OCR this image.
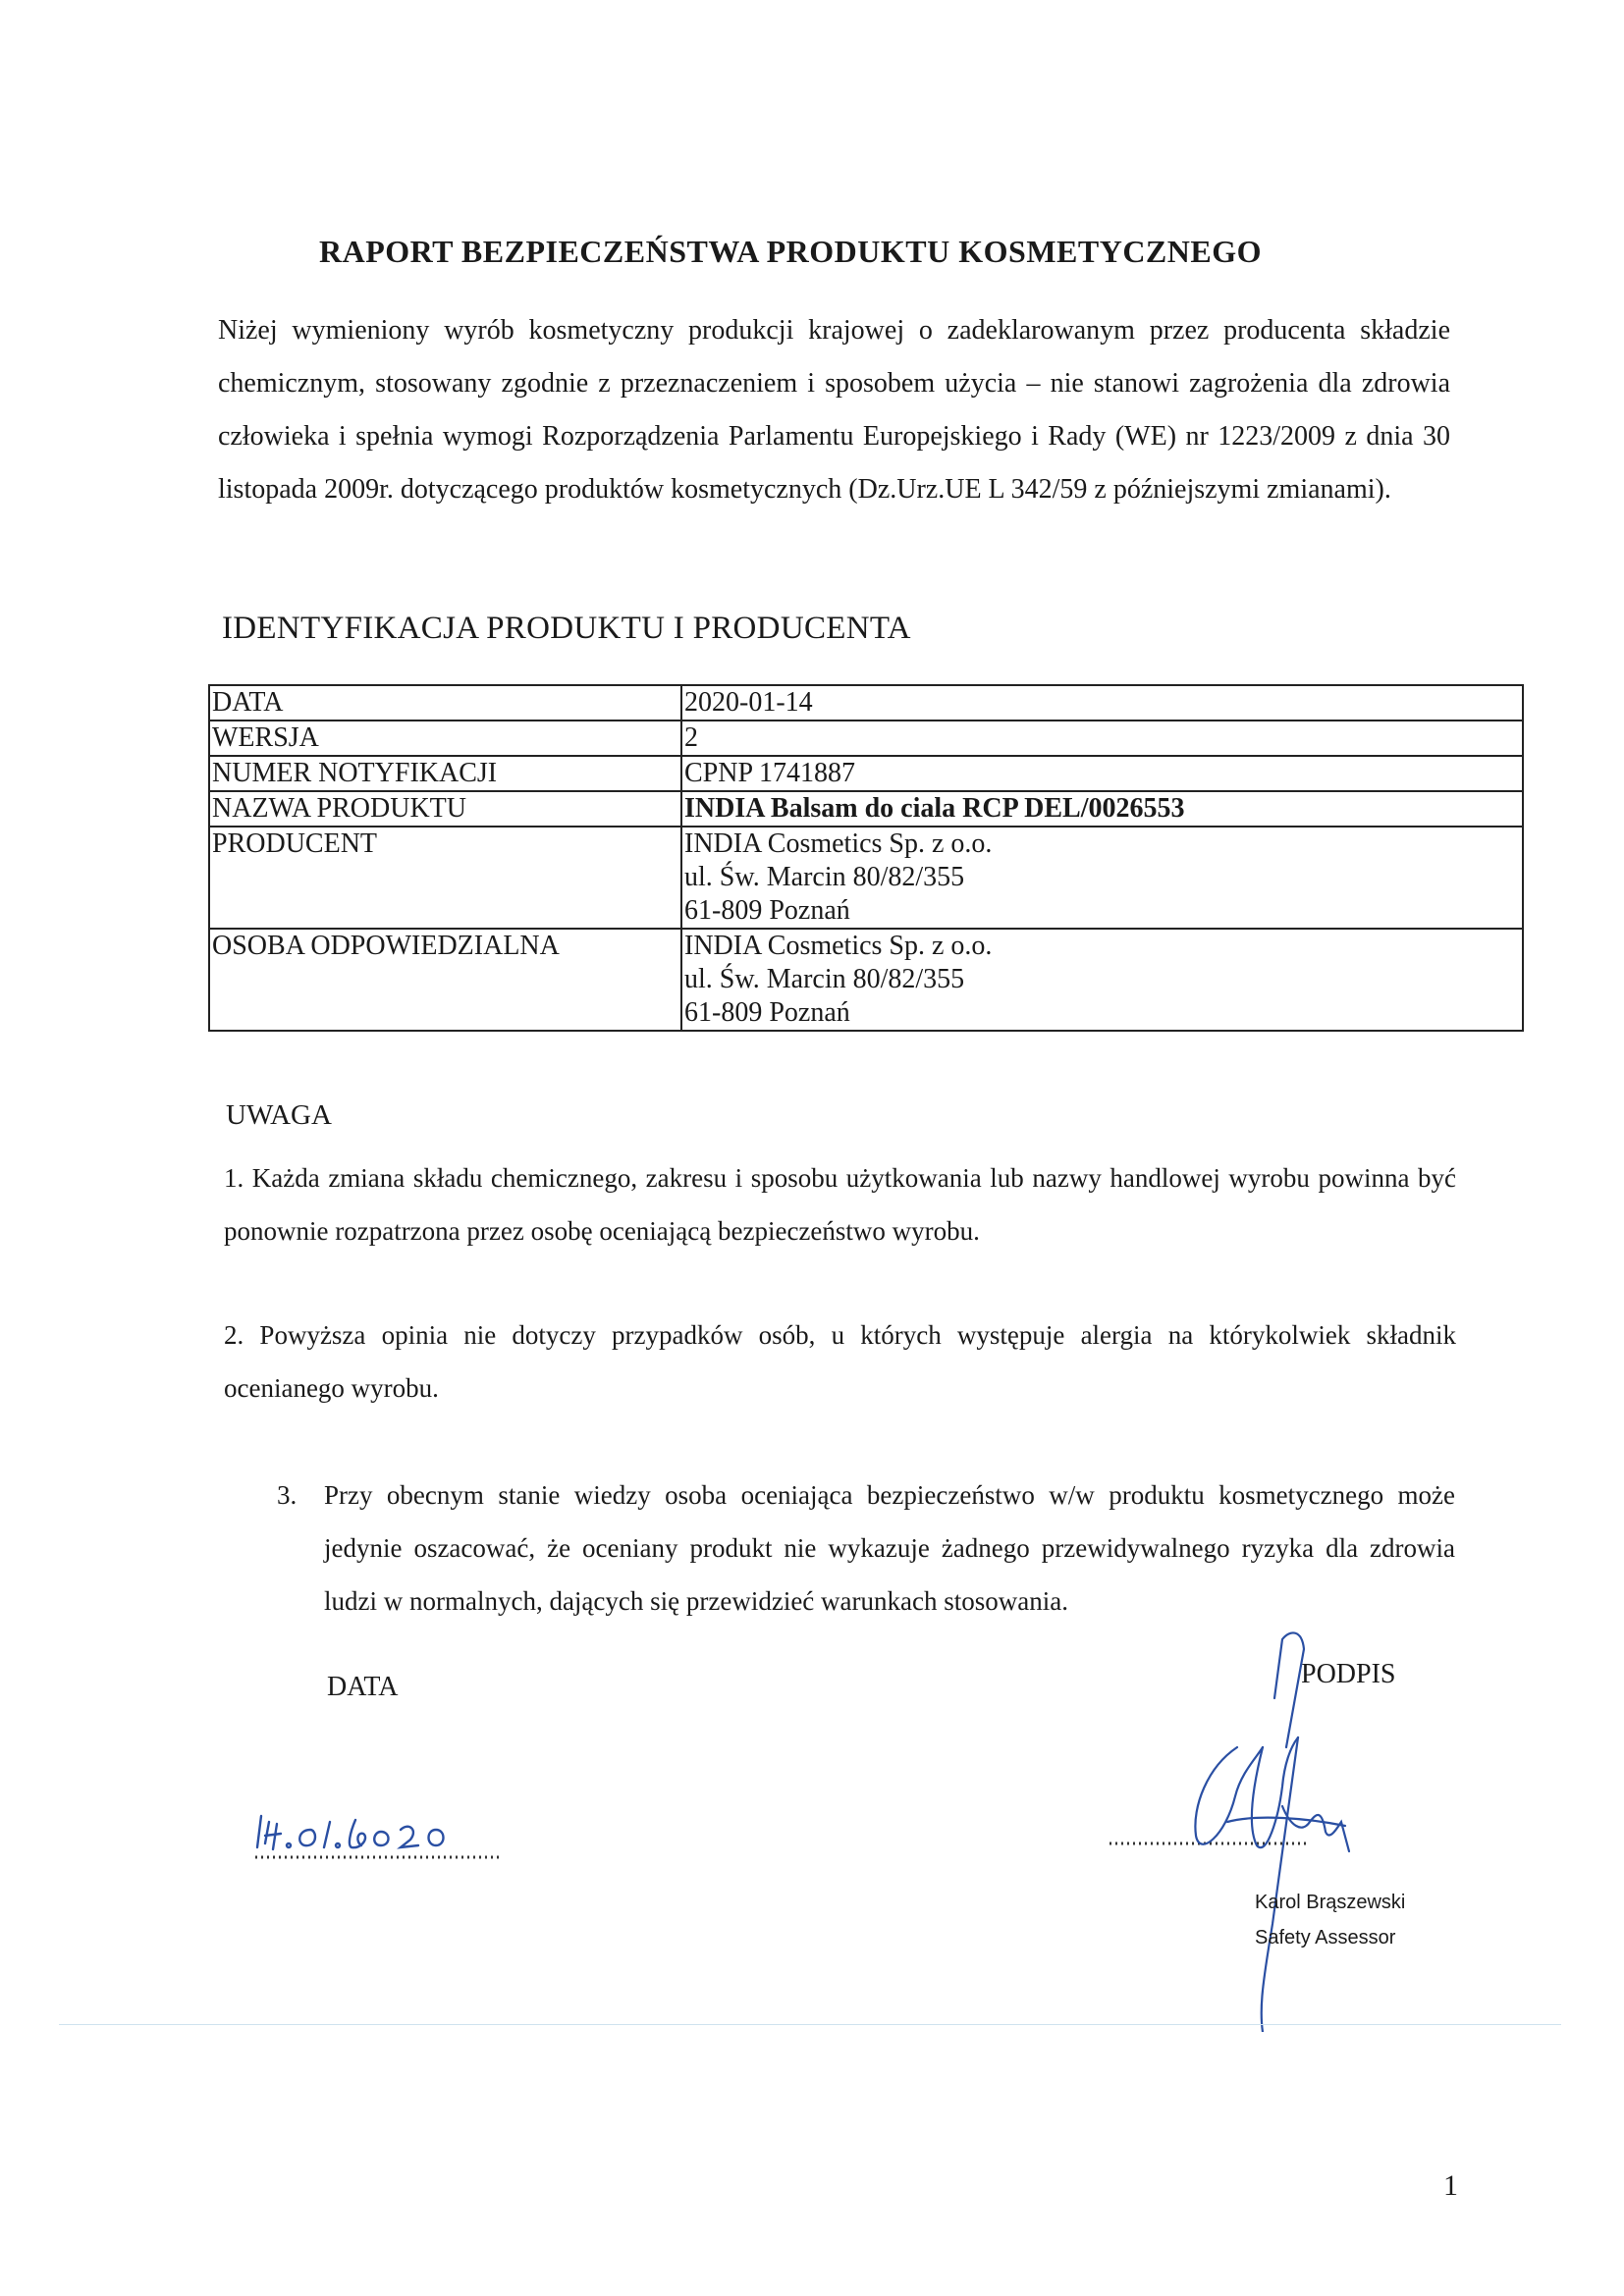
RAPORT BEZPIECZEŃSTWA PRODUKTU KOSMETYCZNEGO
Niżej wymieniony wyrób kosmetyczny produkcji krajowej o zadeklarowanym przez producenta składzie chemicznym, stosowany zgodnie z przeznaczeniem i sposobem użycia – nie stanowi zagrożenia dla zdrowia człowieka i spełnia wymogi Rozporządzenia Parlamentu Europejskiego i Rady (WE) nr 1223/2009 z dnia 30 listopada 2009r. dotyczącego produktów kosmetycznych (Dz.Urz.UE L 342/59 z późniejszymi zmianami).
IDENTYFIKACJA PRODUKTU I PRODUCENTA
DATA	2020-01-14
WERSJA	2
NUMER NOTYFIKACJI	CPNP 1741887
NAZWA PRODUKTU	INDIA Balsam do ciala RCP DEL/0026553
PRODUCENT	INDIA Cosmetics Sp. z o.o.
ul. Św. Marcin 80/82/355
61-809 Poznań

OSOBA ODPOWIEDZIALNA	INDIA Cosmetics Sp. z o.o.
ul. Św. Marcin 80/82/355
61-809 Poznań
UWAGA
1. Każda zmiana składu chemicznego, zakresu i sposobu użytkowania lub nazwy handlowej wyrobu powinna być ponownie rozpatrzona przez osobę oceniającą bezpieczeństwo wyrobu.
2. Powyższa opinia nie dotyczy przypadków osób, u których występuje alergia na którykolwiek składnik ocenianego wyrobu.
3. Przy obecnym stanie wiedzy osoba oceniająca bezpieczeństwo w/w produktu kosmetycznego może jedynie oszacować, że oceniany produkt nie wykazuje żadnego przewidywalnego ryzyka dla zdrowia ludzi w normalnych, dających się przewidzieć warunkach stosowania.
DATA	PODPIS
Karol Brąszewski
Safety Assessor
1
